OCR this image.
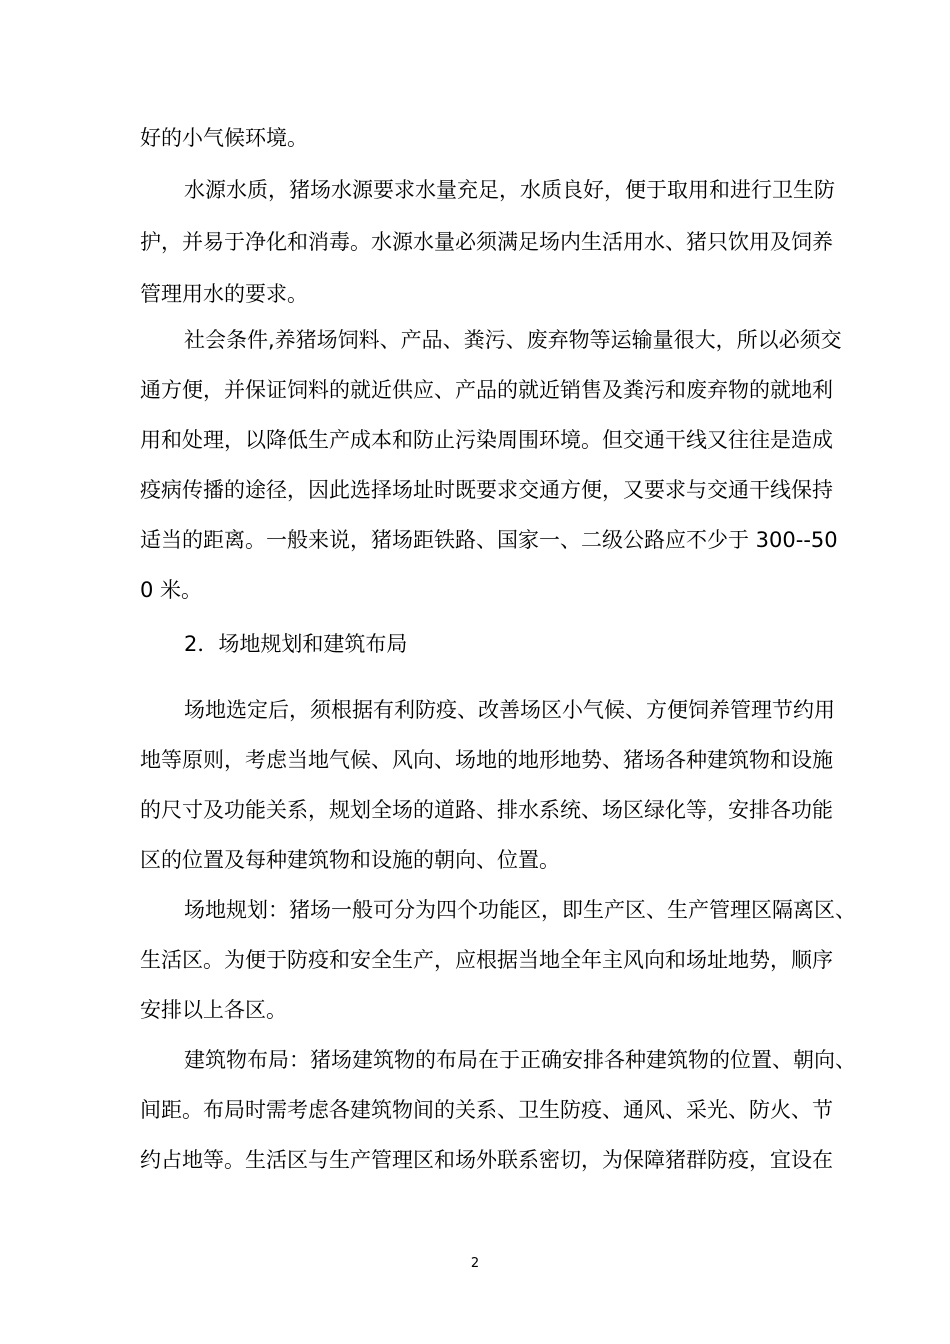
好的小气候环境。

水源水质，猪场水源要求水量充足，水质良好，便于取用和进行卫生防

护，并易于净化和消毒。水源水量必须满足场内生活用水、猪只饮用及饲养

管理用水的要求。

社会条件,养猪场饲料、产品、粪污、废弃物等运输量很大，所以必须交

通方便，并保证饲料的就近供应、产品的就近销售及粪污和废弃物的就地利

用和处理，以降低生产成本和防止污染周围环境。但交通干线又往往是造成

疫病传播的途径，因此选择场址时既要求交通方便，又要求与交通干线保持

适当的距离。一般来说，猪场距铁路、国家一、二级公路应不少于 300--50

0 米。

2．场地规划和建筑布局

场地选定后，须根据有利防疫、改善场区小气候、方便饲养管理节约用

地等原则，考虑当地气候、风向、场地的地形地势、猪场各种建筑物和设施

的尺寸及功能关系，规划全场的道路、排水系统、场区绿化等，安排各功能

区的位置及每种建筑物和设施的朝向、位置。

场地规划：猪场一般可分为四个功能区，即生产区、生产管理区隔离区、

生活区。为便于防疫和安全生产，应根据当地全年主风向和场址地势，顺序

安排以上各区。

建筑物布局：猪场建筑物的布局在于正确安排各种建筑物的位置、朝向、

间距。布局时需考虑各建筑物间的关系、卫生防疫、通风、采光、防火、节

约占地等。生活区与生产管理区和场外联系密切，为保障猪群防疫，宜设在

2
